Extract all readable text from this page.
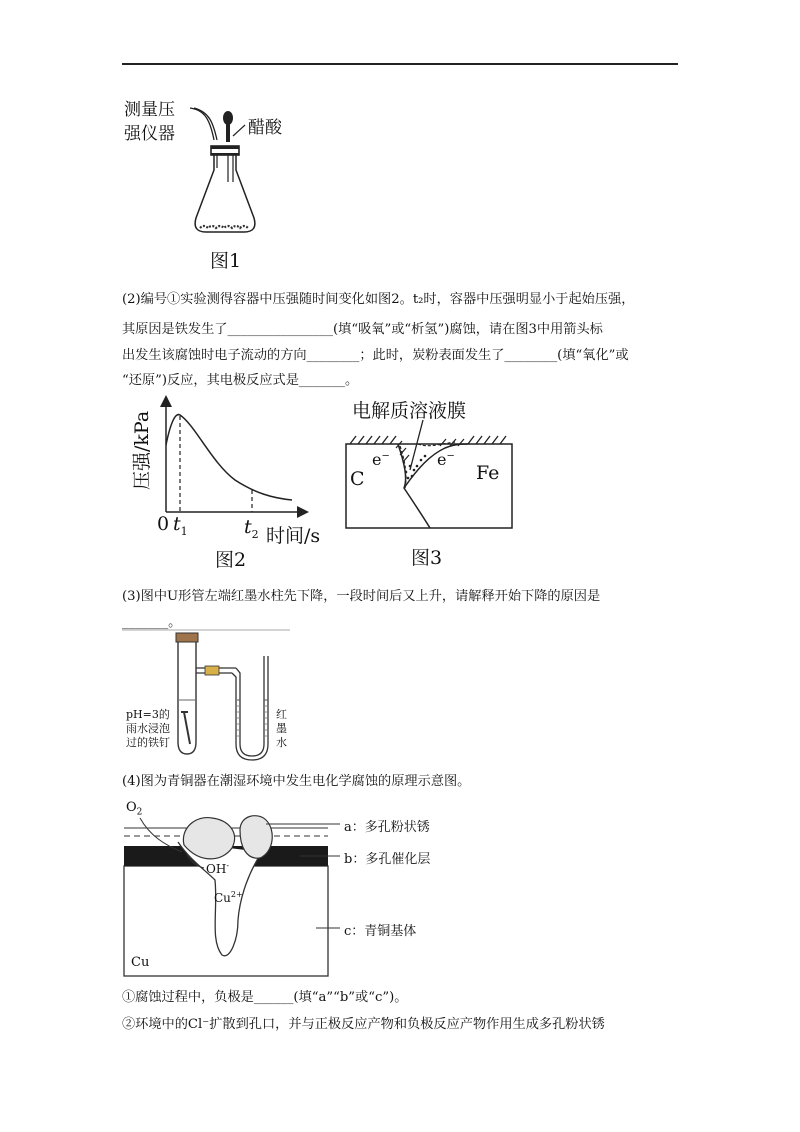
测量压
强仪器	醋酸
图1
(2)编号①实验测得容器中压强随时间变化如图2。t₂时，容器中压强明显小于起始压强，
其原因是铁发生了________________(填“吸氧”或“析氢”)腐蚀，请在图3中用箭头标
出发生该腐蚀时电子流动的方向________；此时，炭粉表面发生了________(填“氧化”或
“还原”)反应，其电极反应式是_______。
压强/kPa
0 $t_1$	$t_2$ 时间/s
图2
电解质溶液膜
C
e−	e−
Fe
图3
(3)图中U形管左端红墨水柱先下降，一段时间后又上升，请解释开始下降的原因是
_______。
pH=3的
雨水浸泡
过的铁钉
红
墨
水
(4)图为青铜器在潮湿环境中发生电化学腐蚀的原理示意图。
$O_2$
OH-
$Cu^{2+}$
Cu
a：多孔粉状锈
b：多孔催化层
c：青铜基体
①腐蚀过程中，负极是______(填“a”“b”或“c”)。
②环境中的Cl⁻扩散到孔口，并与正极反应产物和负极反应产物作用生成多孔粉状锈
